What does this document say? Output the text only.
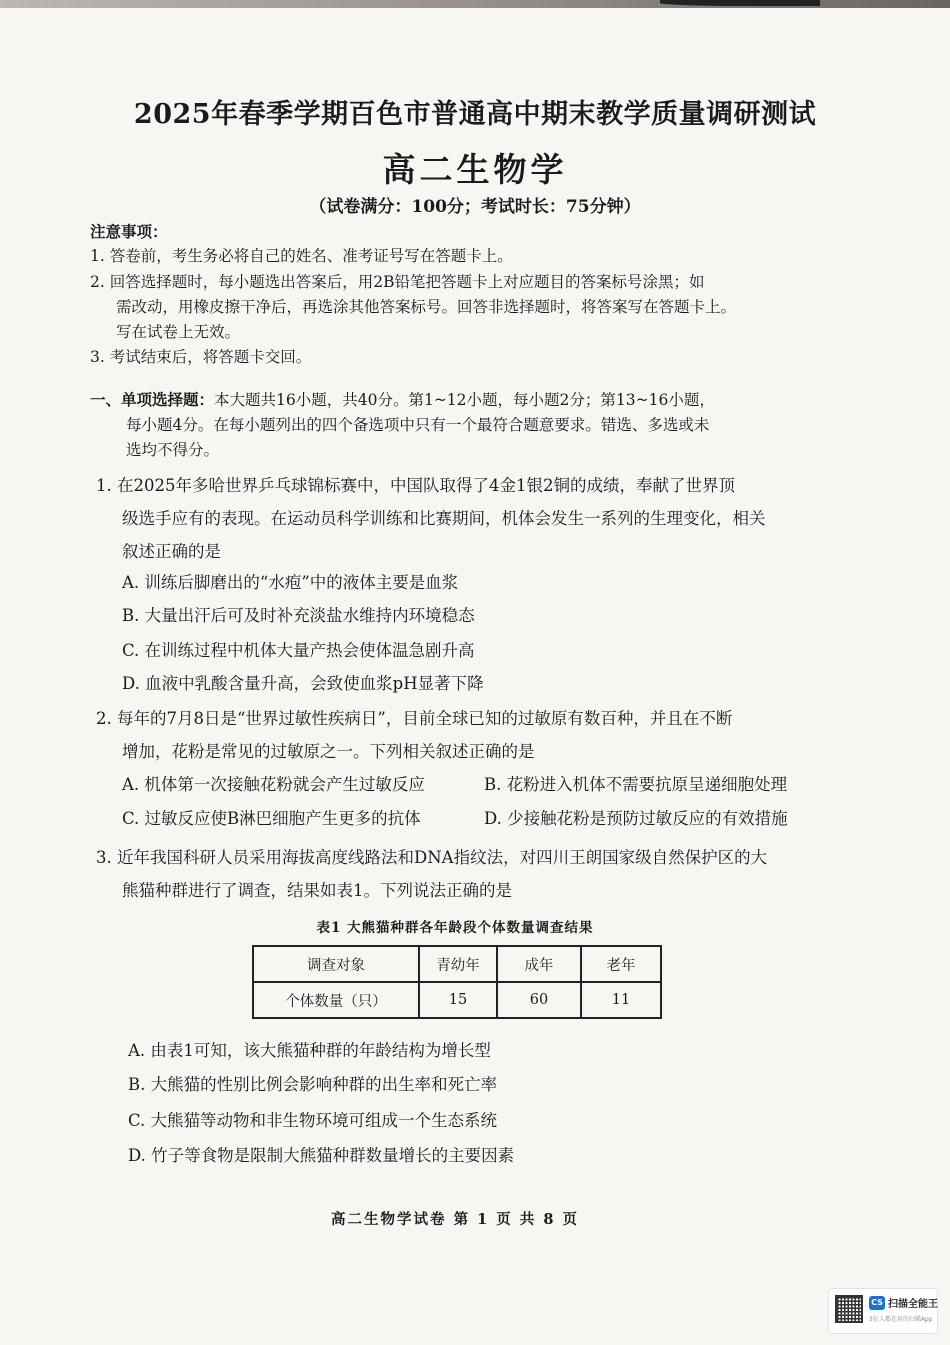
2025年春季学期百色市普通高中期末教学质量调研测试
高二生物学
（试卷满分：100分；考试时长：75分钟）
注意事项：
1. 答卷前，考生务必将自己的姓名、准考证号写在答题卡上。
2. 回答选择题时，每小题选出答案后，用2B铅笔把答题卡上对应题目的答案标号涂黑；如
需改动，用橡皮擦干净后，再选涂其他答案标号。回答非选择题时，将答案写在答题卡上。
写在试卷上无效。
3. 考试结束后，将答题卡交回。
一、单项选择题：本大题共16小题，共40分。第1~12小题，每小题2分；第13~16小题，
每小题4分。在每小题列出的四个备选项中只有一个最符合题意要求。错选、多选或未
选均不得分。
1. 在2025年多哈世界乒乓球锦标赛中，中国队取得了4金1银2铜的成绩，奉献了世界顶
级选手应有的表现。在运动员科学训练和比赛期间，机体会发生一系列的生理变化，相关
叙述正确的是
A. 训练后脚磨出的“水疱”中的液体主要是血浆
B. 大量出汗后可及时补充淡盐水维持内环境稳态
C. 在训练过程中机体大量产热会使体温急剧升高
D. 血液中乳酸含量升高，会致使血浆pH显著下降
2. 每年的7月8日是“世界过敏性疾病日”，目前全球已知的过敏原有数百种，并且在不断
增加，花粉是常见的过敏原之一。下列相关叙述正确的是
A. 机体第一次接触花粉就会产生过敏反应	B. 花粉进入机体不需要抗原呈递细胞处理
C. 过敏反应使B淋巴细胞产生更多的抗体	D. 少接触花粉是预防过敏反应的有效措施
3. 近年我国科研人员采用海拔高度线路法和DNA指纹法，对四川王朗国家级自然保护区的大
熊猫种群进行了调查，结果如表1。下列说法正确的是
表1 大熊猫种群各年龄段个体数量调查结果
调查对象	青幼年	成年	老年
个体数量（只）	15	60	11
A. 由表1可知，该大熊猫种群的年龄结构为增长型
B. 大熊猫的性别比例会影响种群的出生率和死亡率
C. 大熊猫等动物和非生物环境可组成一个生态系统
D. 竹子等食物是限制大熊猫种群数量增长的主要因素
高二生物学试卷 第 1 页 共 8 页
CS 扫描全能王
3亿人都在用的扫描App
